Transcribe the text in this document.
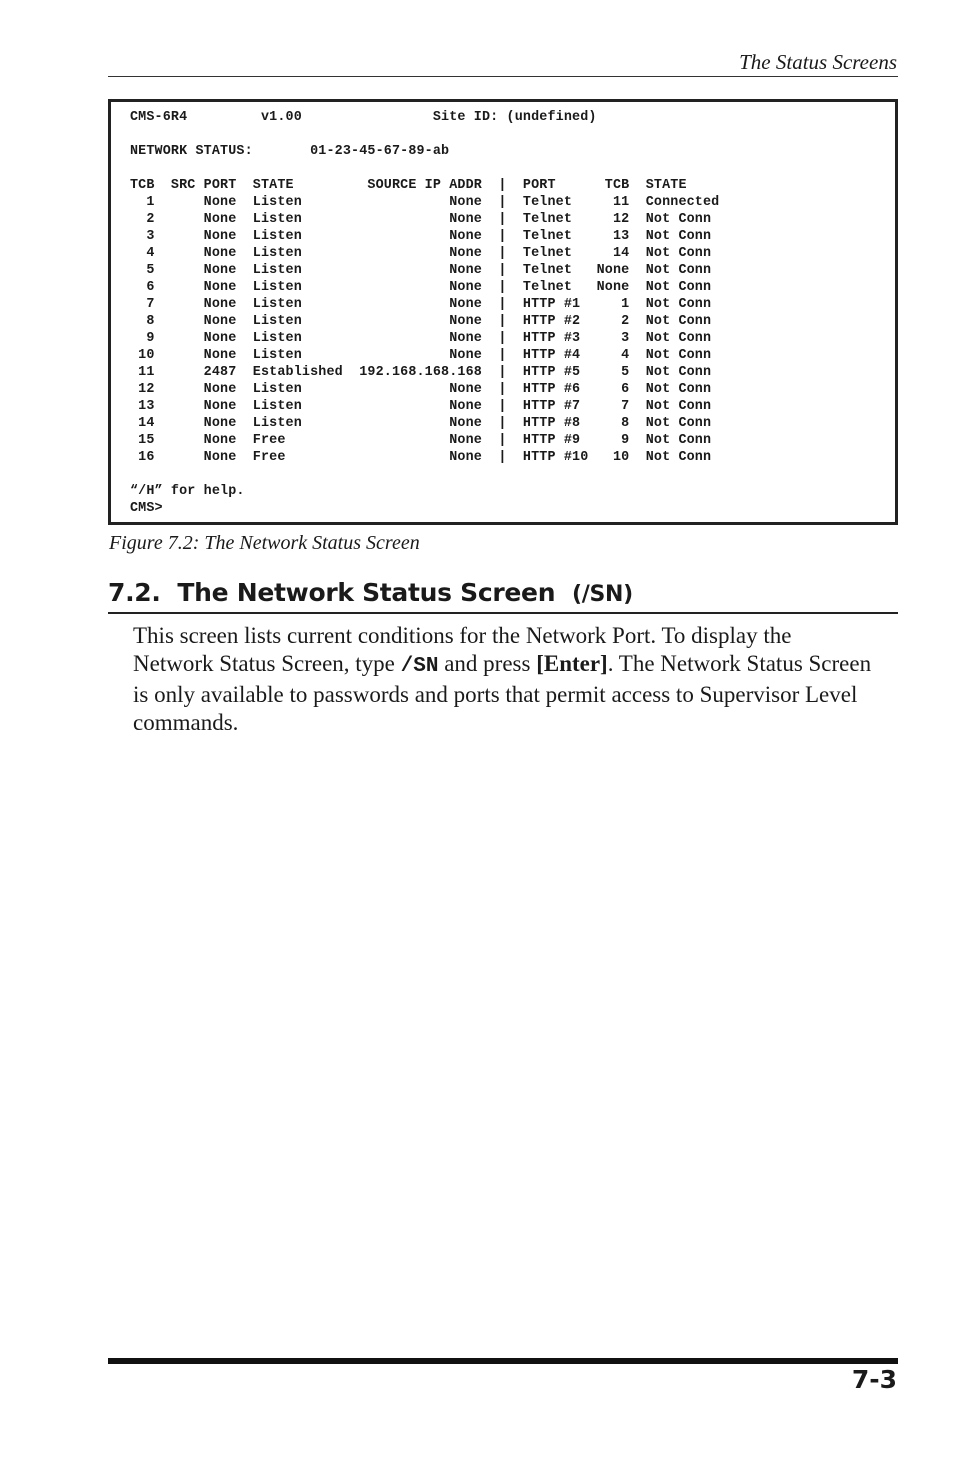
The Status Screens
CMS-6R4         v1.00                Site ID: (undefined)
NETWORK STATUS:       01-23-45-67-89-ab
TCB  SRC PORT  STATE         SOURCE IP ADDR  |  PORT      TCB  STATE
1      None  Listen                  None  |  Telnet     11  Connected
2      None  Listen                  None  |  Telnet     12  Not Conn
3      None  Listen                  None  |  Telnet     13  Not Conn
4      None  Listen                  None  |  Telnet     14  Not Conn
5      None  Listen                  None  |  Telnet   None  Not Conn
6      None  Listen                  None  |  Telnet   None  Not Conn
7      None  Listen                  None  |  HTTP #1     1  Not Conn
8      None  Listen                  None  |  HTTP #2     2  Not Conn
9      None  Listen                  None  |  HTTP #3     3  Not Conn
10      None  Listen                  None  |  HTTP #4     4  Not Conn
11      2487  Established  192.168.168.168  |  HTTP #5     5  Not Conn
12      None  Listen                  None  |  HTTP #6     6  Not Conn
13      None  Listen                  None  |  HTTP #7     7  Not Conn
14      None  Listen                  None  |  HTTP #8     8  Not Conn
15      None  Free                    None  |  HTTP #9     9  Not Conn
16      None  Free                    None  |  HTTP #10   10  Not Conn
“/H” for help.
CMS>
Figure 7.2: The Network Status Screen
7.2. The Network Status Screen (/SN)
This screen lists current conditions for the Network Port. To display the Network Status Screen, type /SN and press [Enter]. The Network Status Screen is only available to passwords and ports that permit access to Supervisor Level commands.
7-3
